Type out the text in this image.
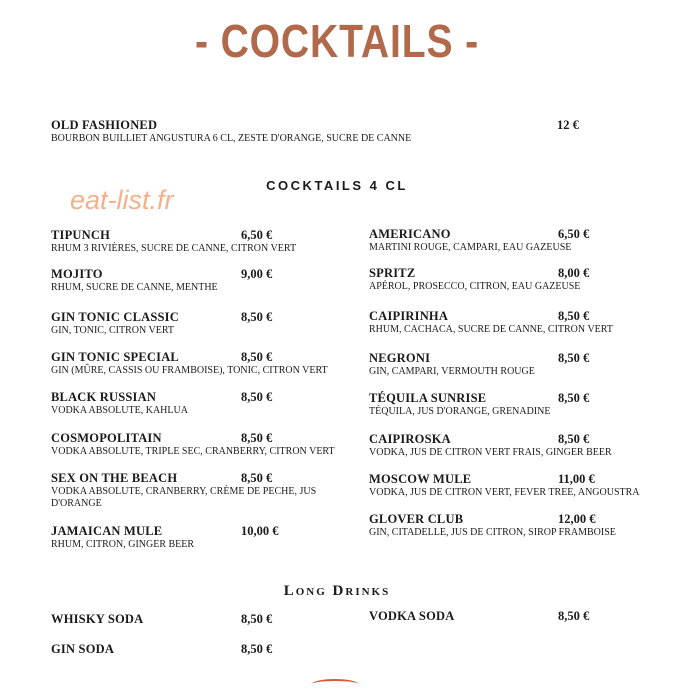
- COCKTAILS -
OLD FASHIONED
BOURBON BUILLIET ANGUSTURA 6 CL, ZESTE D'ORANGE, SUCRE DE CANNE
12 €
COCKTAILS 4 CL
eat-list.fr
TIPUNCH
RHUM 3 RIVIÈRES, SUCRE DE CANNE, CITRON VERT
6,50 €
MOJITO
RHUM, SUCRE DE CANNE, MENTHE
9,00 €
GIN TONIC CLASSIC
GIN, TONIC, CITRON VERT
8,50 €
GIN TONIC SPECIAL
GIN (MÛRE, CASSIS OU FRAMBOISE), TONIC, CITRON VERT
8,50 €
BLACK RUSSIAN
VODKA ABSOLUTE, KAHLUA
8,50 €
COSMOPOLITAIN
VODKA ABSOLUTE, TRIPLE SEC, CRANBERRY, CITRON VERT
8,50 €
SEX ON THE BEACH
VODKA ABSOLUTE, CRANBERRY, CRÈME DE PECHE, JUS D'ORANGE
8,50 €
JAMAICAN MULE
RHUM, CITRON, GINGER BEER
10,00 €
AMERICANO
MARTINI ROUGE, CAMPARI, EAU GAZEUSE
6,50 €
SPRITZ
APÉROL, PROSECCO, CITRON, EAU GAZEUSE
8,00 €
CAIPIRINHA
RHUM, CACHACA, SUCRE DE CANNE, CITRON VERT
8,50 €
NEGRONI
GIN, CAMPARI, VERMOUTH ROUGE
8,50 €
TÉQUILA SUNRISE
TÉQUILA, JUS D'ORANGE, GRENADINE
8,50 €
CAIPIROSKA
VODKA, JUS DE CITRON VERT FRAIS, GINGER BEER
8,50 €
MOSCOW MULE
VODKA, JUS DE CITRON VERT, FEVER TREE, ANGOUSTRA
11,00 €
GLOVER CLUB
GIN, CITADELLE, JUS DE CITRON, SIROP FRAMBOISE
12,00 €
Long Drinks
WHISKY SODA	8,50 €
GIN SODA	8,50 €
VODKA SODA	8,50 €
